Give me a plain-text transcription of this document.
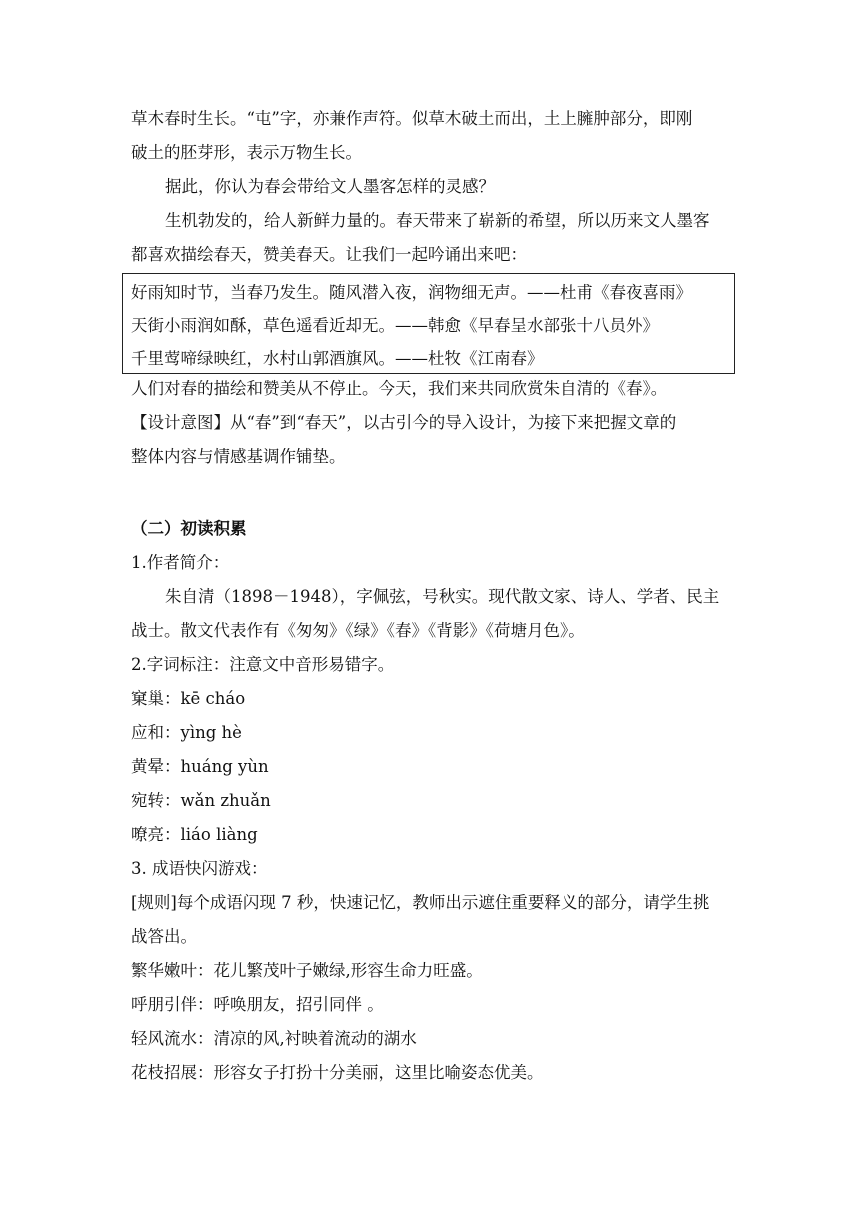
草木春时生长。“屯”字，亦兼作声符。似草木破土而出，土上臃肿部分，即刚
破土的胚芽形，表示万物生长。
据此，你认为春会带给文人墨客怎样的灵感？
生机勃发的，给人新鲜力量的。春天带来了崭新的希望，所以历来文人墨客
都喜欢描绘春天，赞美春天。让我们一起吟诵出来吧：
好雨知时节，当春乃发生。随风潜入夜，润物细无声。——杜甫《春夜喜雨》
天街小雨润如酥，草色遥看近却无。——韩愈《早春呈水部张十八员外》
千里莺啼绿映红，水村山郭酒旗风。——杜牧《江南春》
人们对春的描绘和赞美从不停止。今天，我们来共同欣赏朱自清的《春》。
【设计意图】从“春”到“春天”，以古引今的导入设计，为接下来把握文章的
整体内容与情感基调作铺垫。
（二）初读积累
1.作者简介：
朱自清（1898－1948），字佩弦，号秋实。现代散文家、诗人、学者、民主
战士。散文代表作有《匆匆》《绿》《春》《背影》《荷塘月色》。
2.字词标注：注意文中音形易错字。
窠巢：kē cháo
应和：yìng hè
黄晕：huáng yùn
宛转：wǎn zhuǎn
嘹亮：liáo liàng
3. 成语快闪游戏：
[规则]每个成语闪现 7 秒，快速记忆，教师出示遮住重要释义的部分，请学生挑
战答出。
繁华嫩叶：花儿繁茂叶子嫩绿,形容生命力旺盛。
呼朋引伴：呼唤朋友，招引同伴 。
轻风流水：清凉的风,衬映着流动的湖水
花枝招展：形容女子打扮十分美丽，这里比喻姿态优美。
